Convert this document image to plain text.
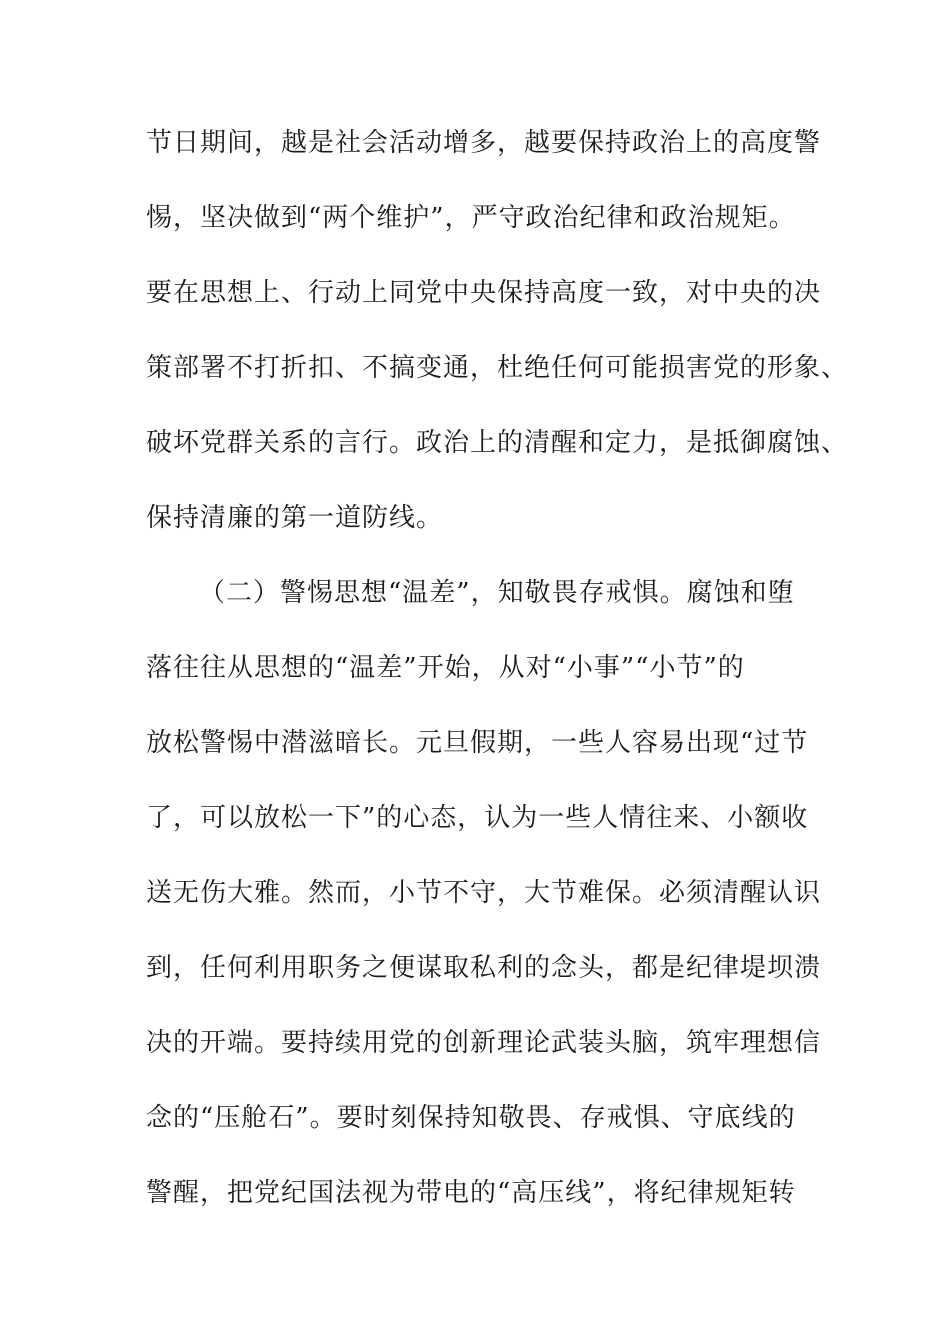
节日期间，越是社会活动增多，越要保持政治上的高度警
惕，坚决做到“两个维护”，严守政治纪律和政治规矩。
要在思想上、行动上同党中央保持高度一致，对中央的决
策部署不打折扣、不搞变通，杜绝任何可能损害党的形象、
破坏党群关系的言行。政治上的清醒和定力，是抵御腐蚀、
保持清廉的第一道防线。
（二）警惕思想“温差”，知敬畏存戒惧。腐蚀和堕
落往往从思想的“温差”开始，从对“小事”“小节”的
放松警惕中潜滋暗长。元旦假期，一些人容易出现“过节
了，可以放松一下”的心态，认为一些人情往来、小额收
送无伤大雅。然而，小节不守，大节难保。必须清醒认识
到，任何利用职务之便谋取私利的念头，都是纪律堤坝溃
决的开端。要持续用党的创新理论武装头脑，筑牢理想信
念的“压舱石”。要时刻保持知敬畏、存戒惧、守底线的
警醒，把党纪国法视为带电的“高压线”，将纪律规矩转
